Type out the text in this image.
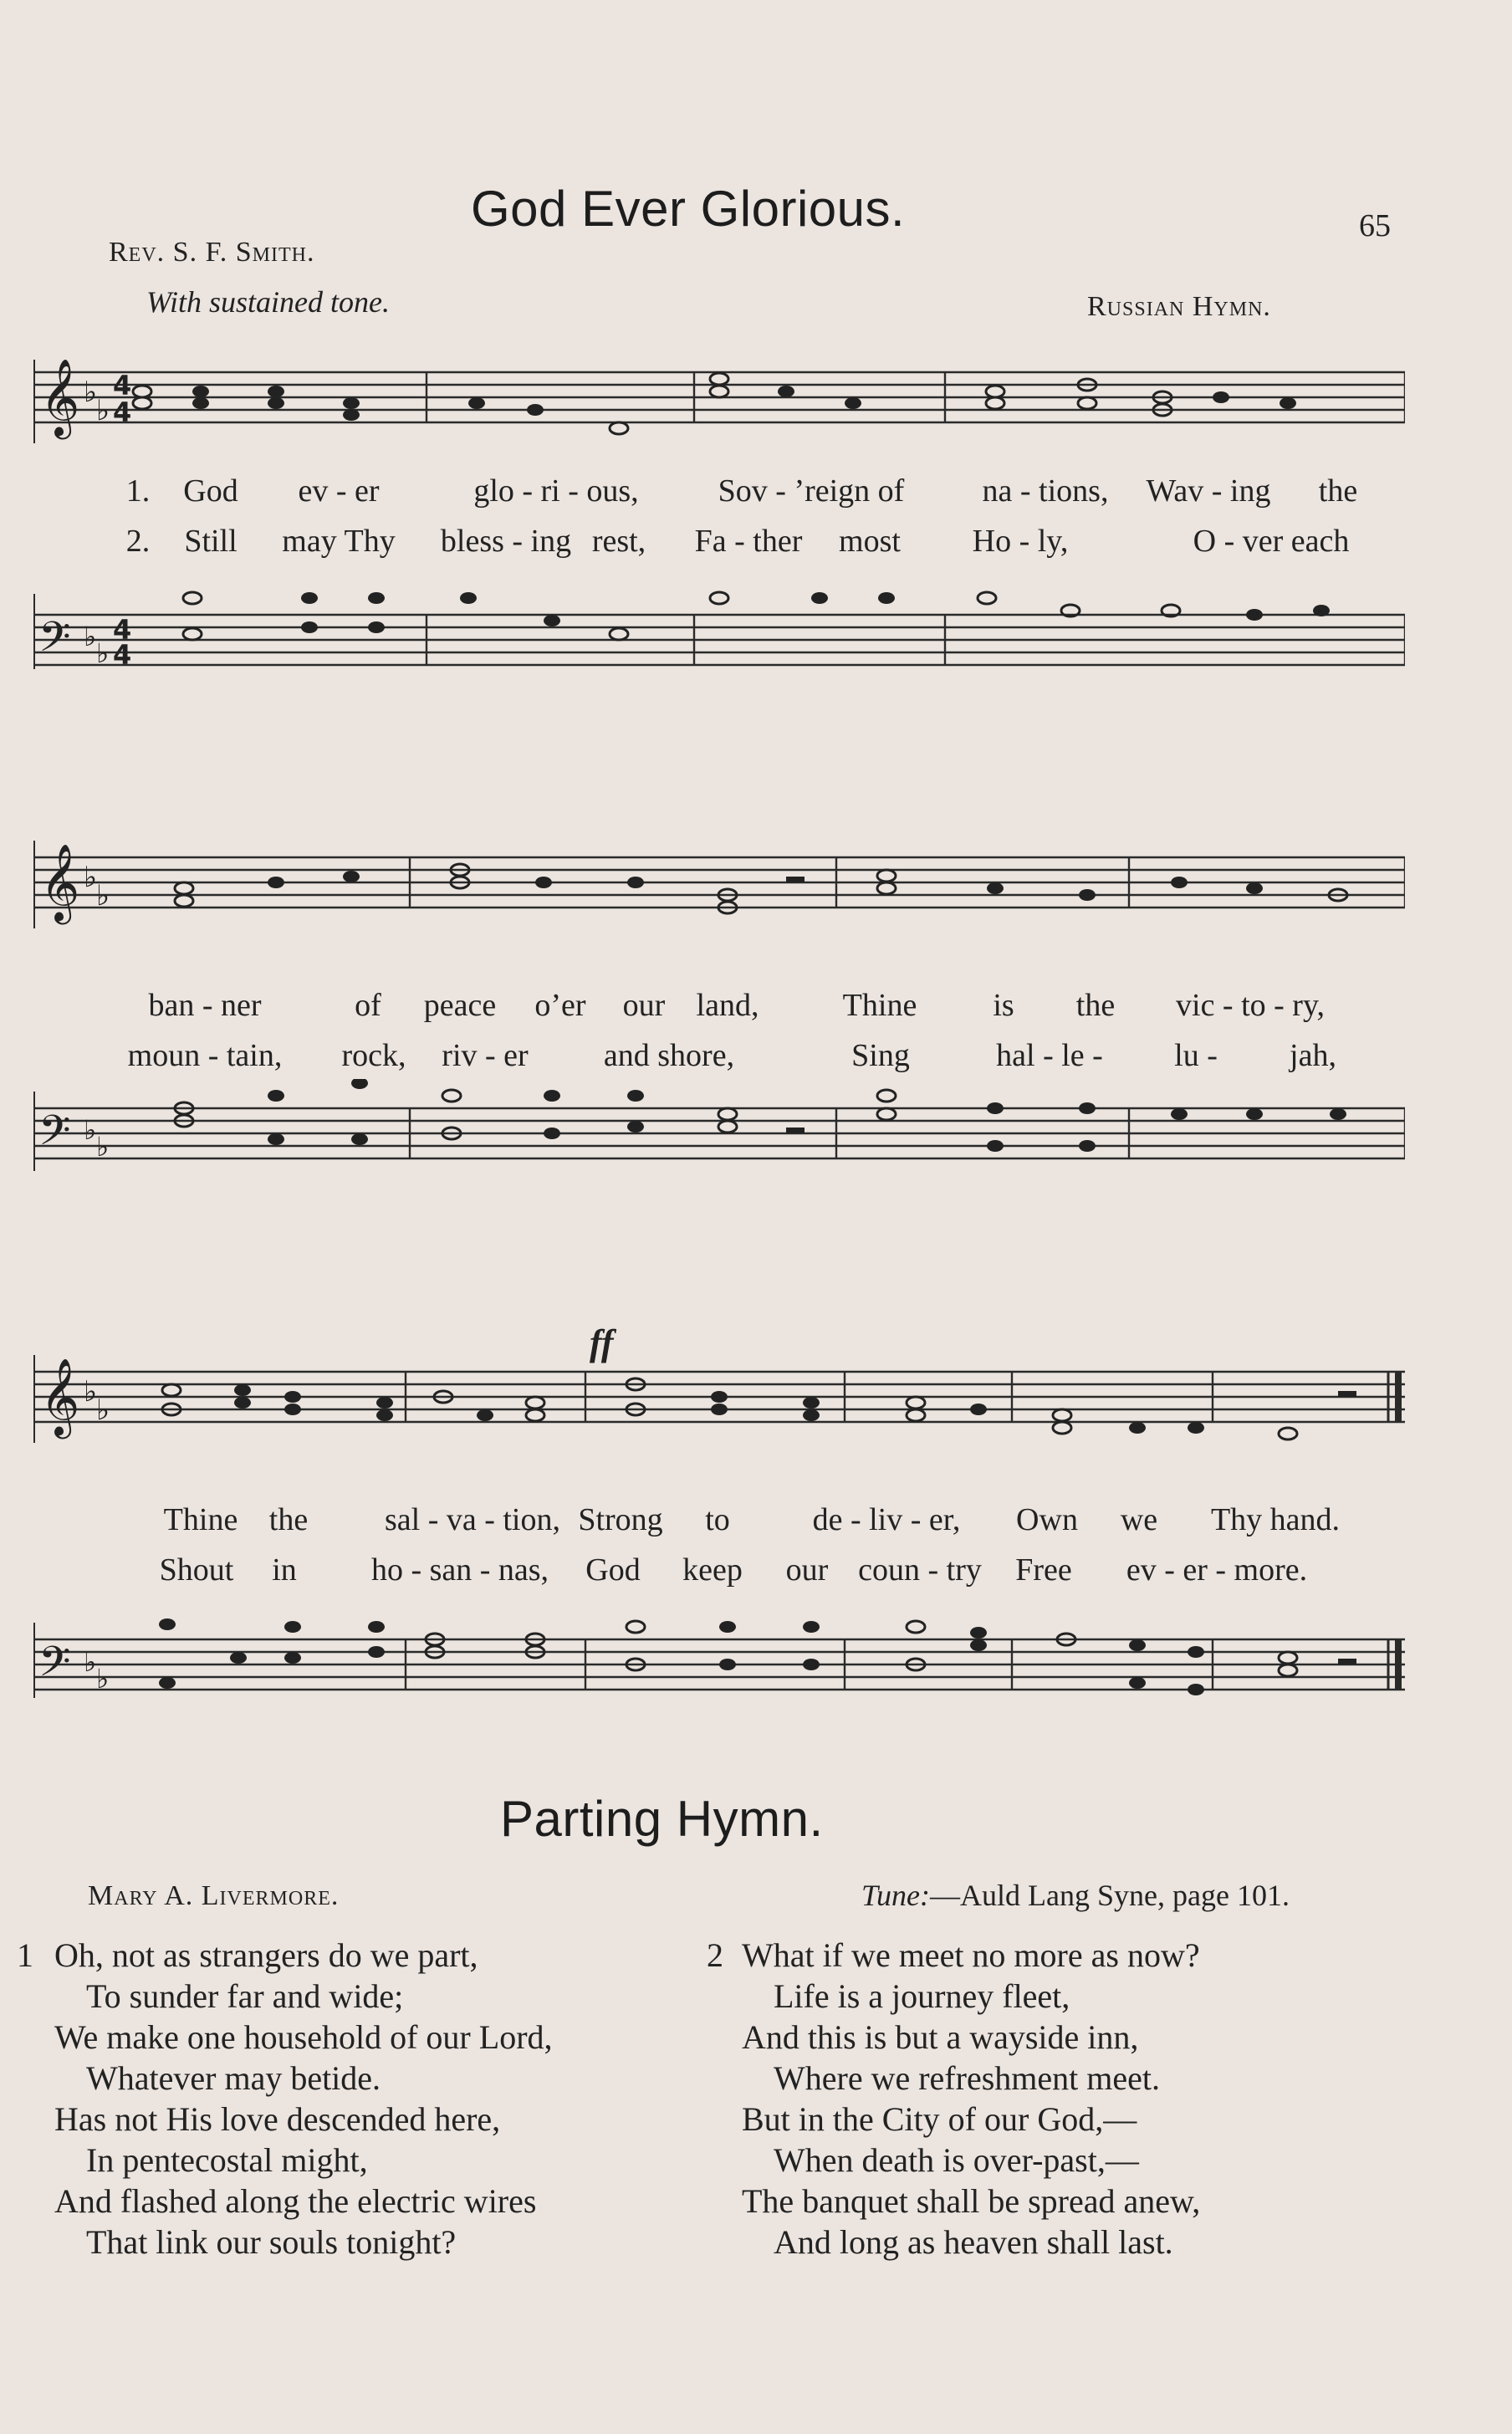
God Ever Glorious.	65
Rev. S. F. Smith.
With sustained tone.	Russian Hymn.
𝄞 ♭
♭
4
4
1. God ev - er	glo - ri - ous, Sov - ’reign of na - tions, Wav - ing the
2. Still may Thy bless - ing rest, Fa - ther most Ho - ly,	O - ver each
𝄢 ♭
♭
4
4
𝄞 ♭
♭
ban - ner	of peace o’er our land,	Thine is the vic - to - ry,
moun - tain, rock, riv - er and shore,	Sing	hal - le - lu - jah,
𝄢 ♭
♭
ff
𝄞 ♭
♭
Thine the sal - va - tion, Strong to	de - liv - er, Own we Thy hand.
Shout in ho - san - nas, God keep our coun - try Free ev - er - more.
𝄢 ♭
♭
Parting Hymn.
Mary A. Livermore.	Tune:—Auld Lang Syne, page 101.
1 Oh, not as strangers do we part,
To sunder far and wide;
We make one household of our Lord,
Whatever may betide.
Has not His love descended here,
In pentecostal might,
And flashed along the electric wires
That link our souls tonight?
2 What if we meet no more as now?
Life is a journey fleet,
And this is but a wayside inn,
Where we refreshment meet.
But in the City of our God,—
When death is over-past,—
The banquet shall be spread anew,
And long as heaven shall last.
